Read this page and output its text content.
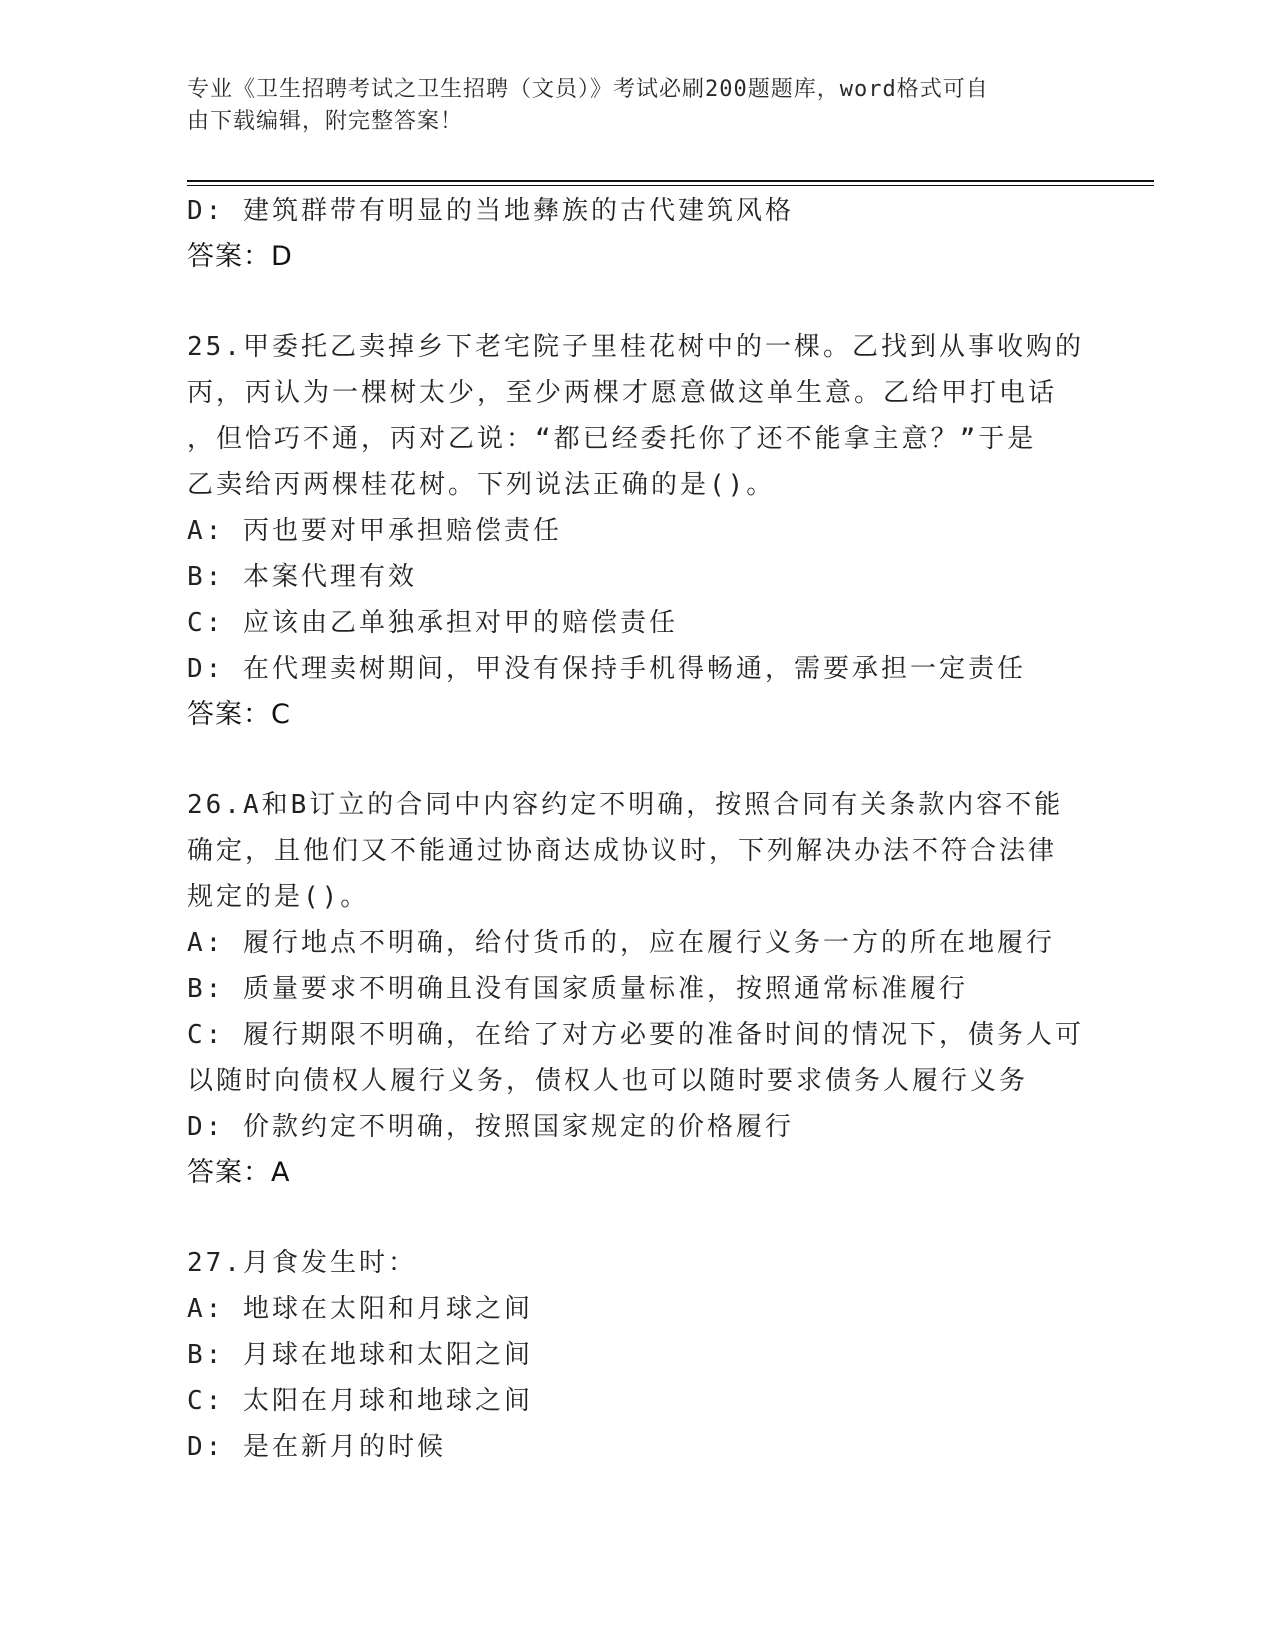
专业《卫生招聘考试之卫生招聘（文员）》考试必刷200题题库，word格式可自
由下载编辑，附完整答案！
D: 建筑群带有明显的当地彝族的古代建筑风格
答案：D
25.甲委托乙卖掉乡下老宅院子里桂花树中的一棵。乙找到从事收购的
丙，丙认为一棵树太少，至少两棵才愿意做这单生意。乙给甲打电话
，但恰巧不通，丙对乙说：“都已经委托你了还不能拿主意？”于是
乙卖给丙两棵桂花树。下列说法正确的是()。
A: 丙也要对甲承担赔偿责任
B: 本案代理有效
C: 应该由乙单独承担对甲的赔偿责任
D: 在代理卖树期间，甲没有保持手机得畅通，需要承担一定责任
答案：C
26.A和B订立的合同中内容约定不明确，按照合同有关条款内容不能
确定，且他们又不能通过协商达成协议时，下列解决办法不符合法律
规定的是()。
A: 履行地点不明确，给付货币的，应在履行义务一方的所在地履行
B: 质量要求不明确且没有国家质量标准，按照通常标准履行
C: 履行期限不明确，在给了对方必要的准备时间的情况下，债务人可
以随时向债权人履行义务，债权人也可以随时要求债务人履行义务
D: 价款约定不明确，按照国家规定的价格履行
答案：A
27.月食发生时：
A: 地球在太阳和月球之间
B: 月球在地球和太阳之间
C: 太阳在月球和地球之间
D: 是在新月的时候
